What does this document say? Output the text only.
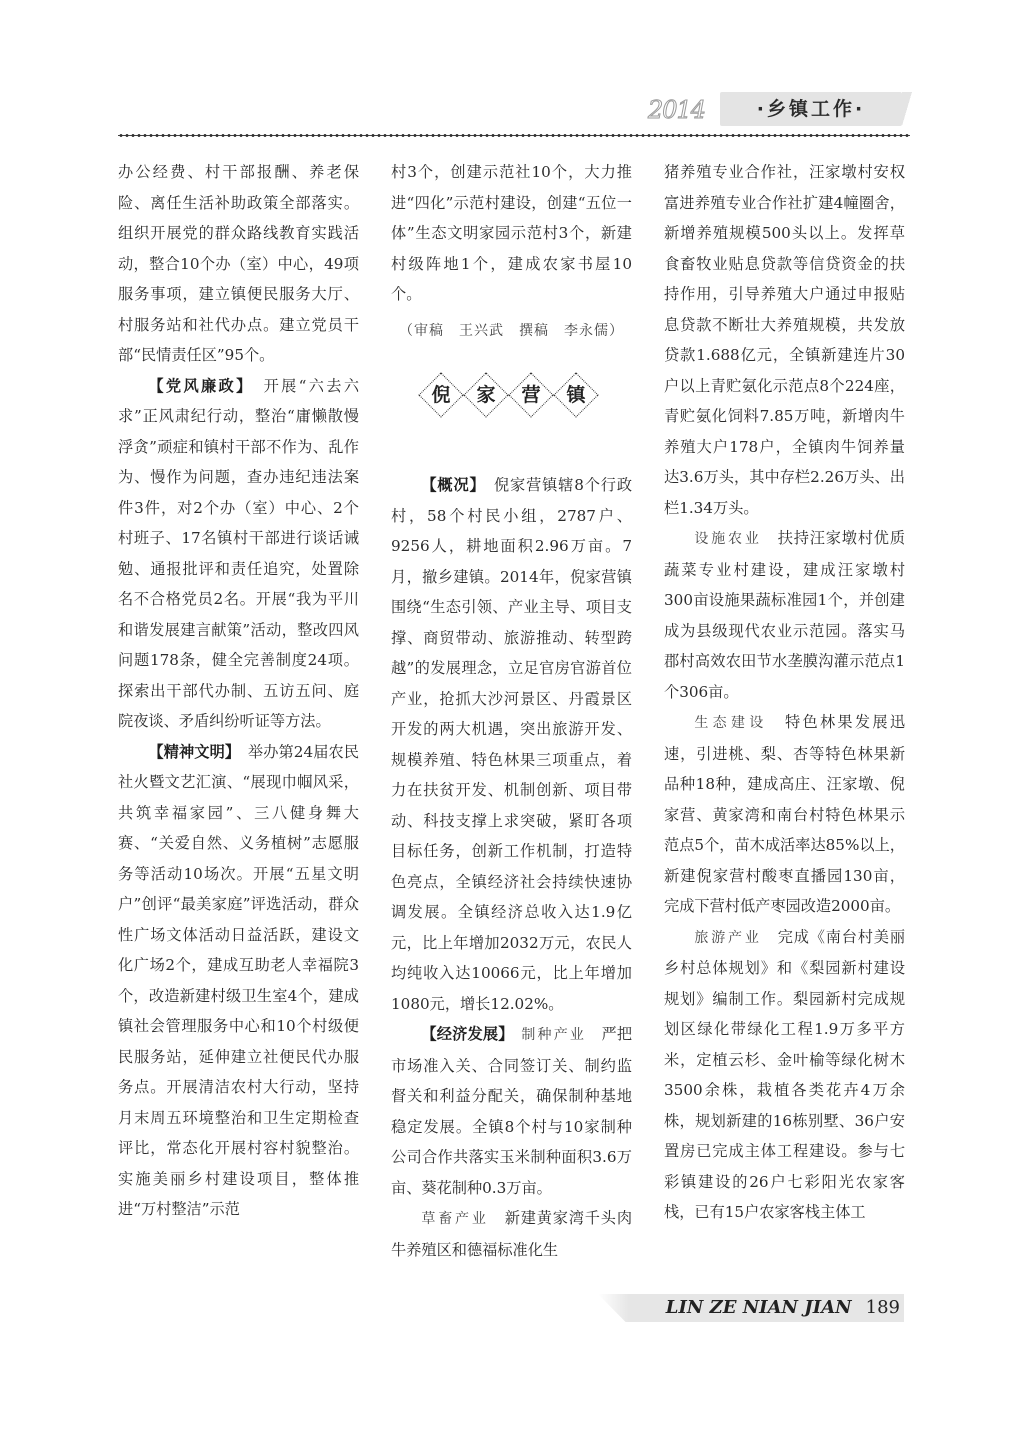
2014	·乡镇工作·

办公经费、村干部报酬、养老保险、离任生活补助政策全部落实。组织开展党的群众路线教育实践活动，整合10个办（室）中心，49项服务事项，建立镇便民服务大厅、村服务站和社代办点。建立党员干部“民情责任区”95个。

【党风廉政】　 开展“六去六求”正风肃纪行动，整治“庸懒散慢浮贪”顽症和镇村干部不作为、乱作为、慢作为问题，查办违纪违法案件3件，对2个办（室）中心、2个村班子、17名镇村干部进行谈话诫勉、通报批评和责任追究，处置除名不合格党员2名。开展“我为平川和谐发展建言献策”活动，整改四风问题178条，健全完善制度24项。探索出干部代办制、五访五问、庭院夜谈、矛盾纠纷听证等方法。

【精神文明】　 举办第24届农民社火暨文艺汇演、“展现巾帼风采，共筑幸福家园”、三八健身舞大赛、“关爱自然、义务植树”志愿服务等活动10场次。开展“五星文明户”创评“最美家庭”评选活动，群众性广场文体活动日益活跃，建设文化广场2个，建成互助老人幸福院3个，改造新建村级卫生室4个，建成镇社会管理服务中心和10个村级便民服务站，延伸建立社便民代办服务点。开展清洁农村大行动，坚持月末周五环境整治和卫生定期检查评比，常态化开展村容村貌整治。实施美丽乡村建设项目，整体推进“万村整洁”示范

村3个，创建示范社10个，大力推进“四化”示范村建设，创建“五位一体”生态文明家园示范村3个，新建村级阵地1个，建成农家书屋10个。

（审稿　王兴武　撰稿　李永儒）

倪	家	营	镇

【概况】　 倪家营镇辖8个行政村，58个村民小组，2787户、9256人，耕地面积2.96万亩。7月，撤乡建镇。2014年，倪家营镇围绕“生态引领、产业主导、项目支撑、商贸带动、旅游推动、转型跨越”的发展理念，立足官房官游首位产业，抢抓大沙河景区、丹霞景区开发的两大机遇，突出旅游开发、规模养殖、特色林果三项重点，着力在扶贫开发、机制创新、项目带动、科技支撑上求突破，紧盯各项目标任务，创新工作机制，打造特色亮点，全镇经济社会持续快速协调发展。全镇经济总收入达1.9亿元，比上年增加2032万元，农民人均纯收入达10066元，比上年增加1080元，增长12.02%。

【经济发展】　 制种产业　 严把市场准入关、合同签订关、制约监督关和利益分配关，确保制种基地稳定发展。全镇8个村与10家制种公司合作共落实玉米制种面积3.6万亩、葵花制种0.3万亩。

草畜产业　 新建黄家湾千头肉牛养殖区和德福标准化生

猪养殖专业合作社，汪家墩村安权富进养殖专业合作社扩建4幢圈舍，新增养殖规模500头以上。发挥草食畜牧业贴息贷款等信贷资金的扶持作用，引导养殖大户通过申报贴息贷款不断壮大养殖规模，共发放贷款1.688亿元，全镇新建连片30户以上青贮氨化示范点8个224座，青贮氨化饲料7.85万吨，新增肉牛养殖大户178户，全镇肉牛饲养量达3.6万头，其中存栏2.26万头、出栏1.34万头。

设施农业　 扶持汪家墩村优质蔬菜专业村建设，建成汪家墩村300亩设施果蔬标准园1个，并创建成为县级现代农业示范园。落实马郡村高效农田节水垄膜沟灌示范点1个306亩。

生态建设　 特色林果发展迅速，引进桃、梨、杏等特色林果新品种18种，建成高庄、汪家墩、倪家营、黄家湾和南台村特色林果示范点5个，苗木成活率达85%以上，新建倪家营村酸枣直播园130亩，完成下营村低产枣园改造2000亩。

旅游产业　 完成《南台村美丽乡村总体规划》和《梨园新村建设规划》编制工作。梨园新村完成规划区绿化带绿化工程1.9万多平方米，定植云杉、金叶榆等绿化树木3500余株，栽植各类花卉4万余株，规划新建的16栋别墅、36户安置房已完成主体工程建设。参与七彩镇建设的26户七彩阳光农家客栈，已有15户农家客栈主体工

LIN ZE NIAN JIAN 189
